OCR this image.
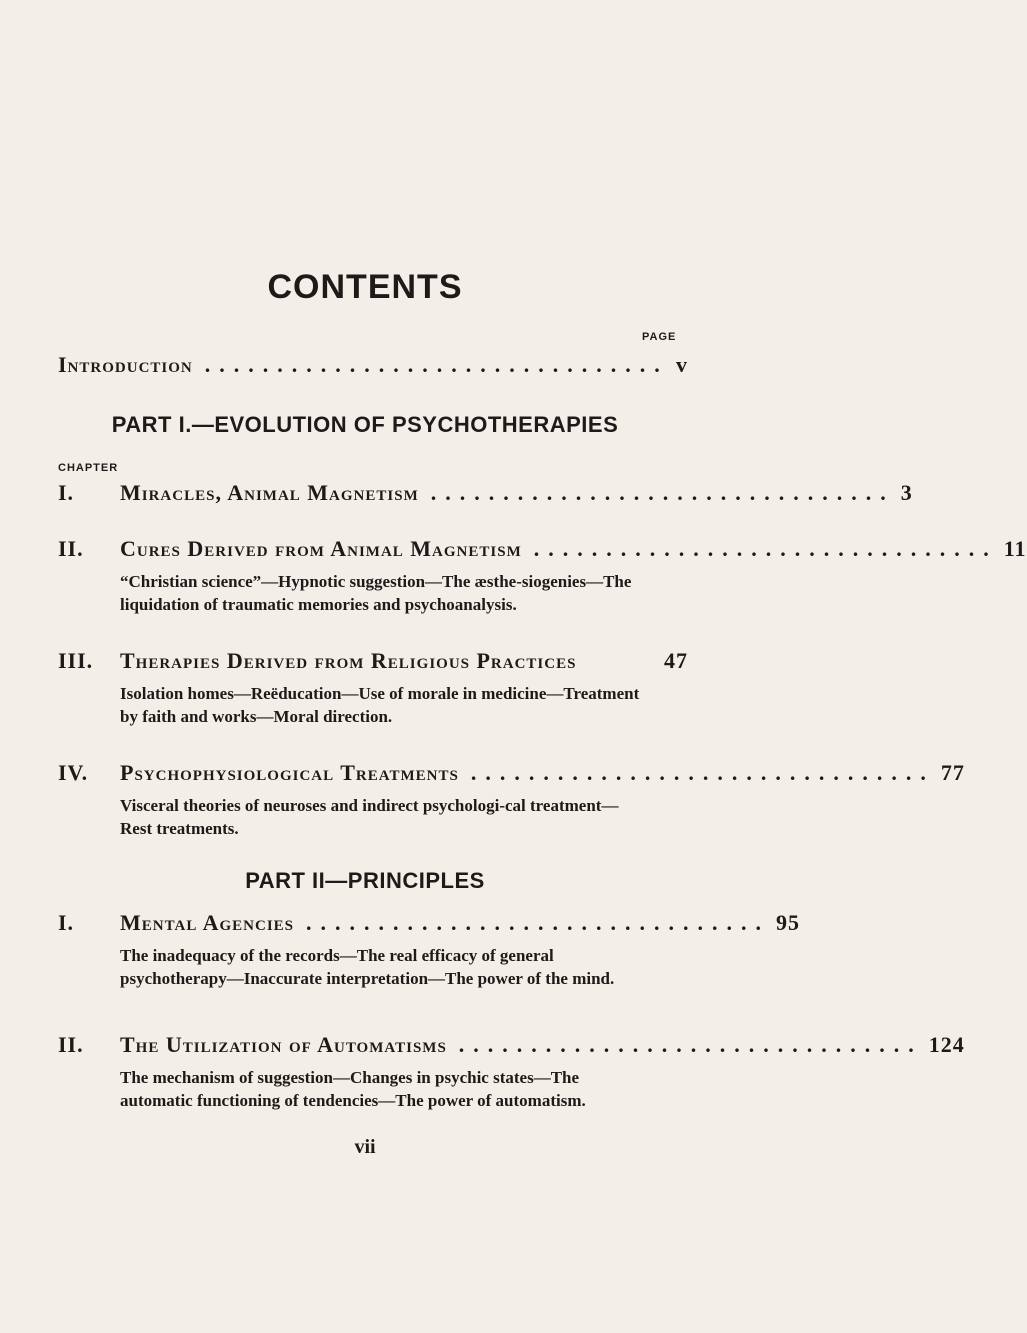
CONTENTS
PAGE
Introduction ................................ v
PART I.—EVOLUTION OF PSYCHOTHERAPIES
CHAPTER
I.	Miracles, Animal Magnetism ................................ 3
II.	Cures Derived from Animal Magnetism ................................ 11
“Christian science”—Hypnotic suggestion—The æsthe-siogenies—The liquidation of traumatic memories and psychoanalysis.
III.	Therapies Derived from Religious Practices	47
Isolation homes—Reëducation—Use of morale in medicine—Treatment by faith and works—Moral direction.
IV.	Psychophysiological Treatments ................................ 77
Visceral theories of neuroses and indirect psychologi-cal treatment—Rest treatments.
PART II—PRINCIPLES
I.	Mental Agencies ................................ 95
The inadequacy of the records—The real efficacy of general psychotherapy—Inaccurate interpretation—The power of the mind.
II.	The Utilization of Automatisms ................................ 124
The mechanism of suggestion—Changes in psychic states—The automatic functioning of tendencies—The power of automatism.
vii
